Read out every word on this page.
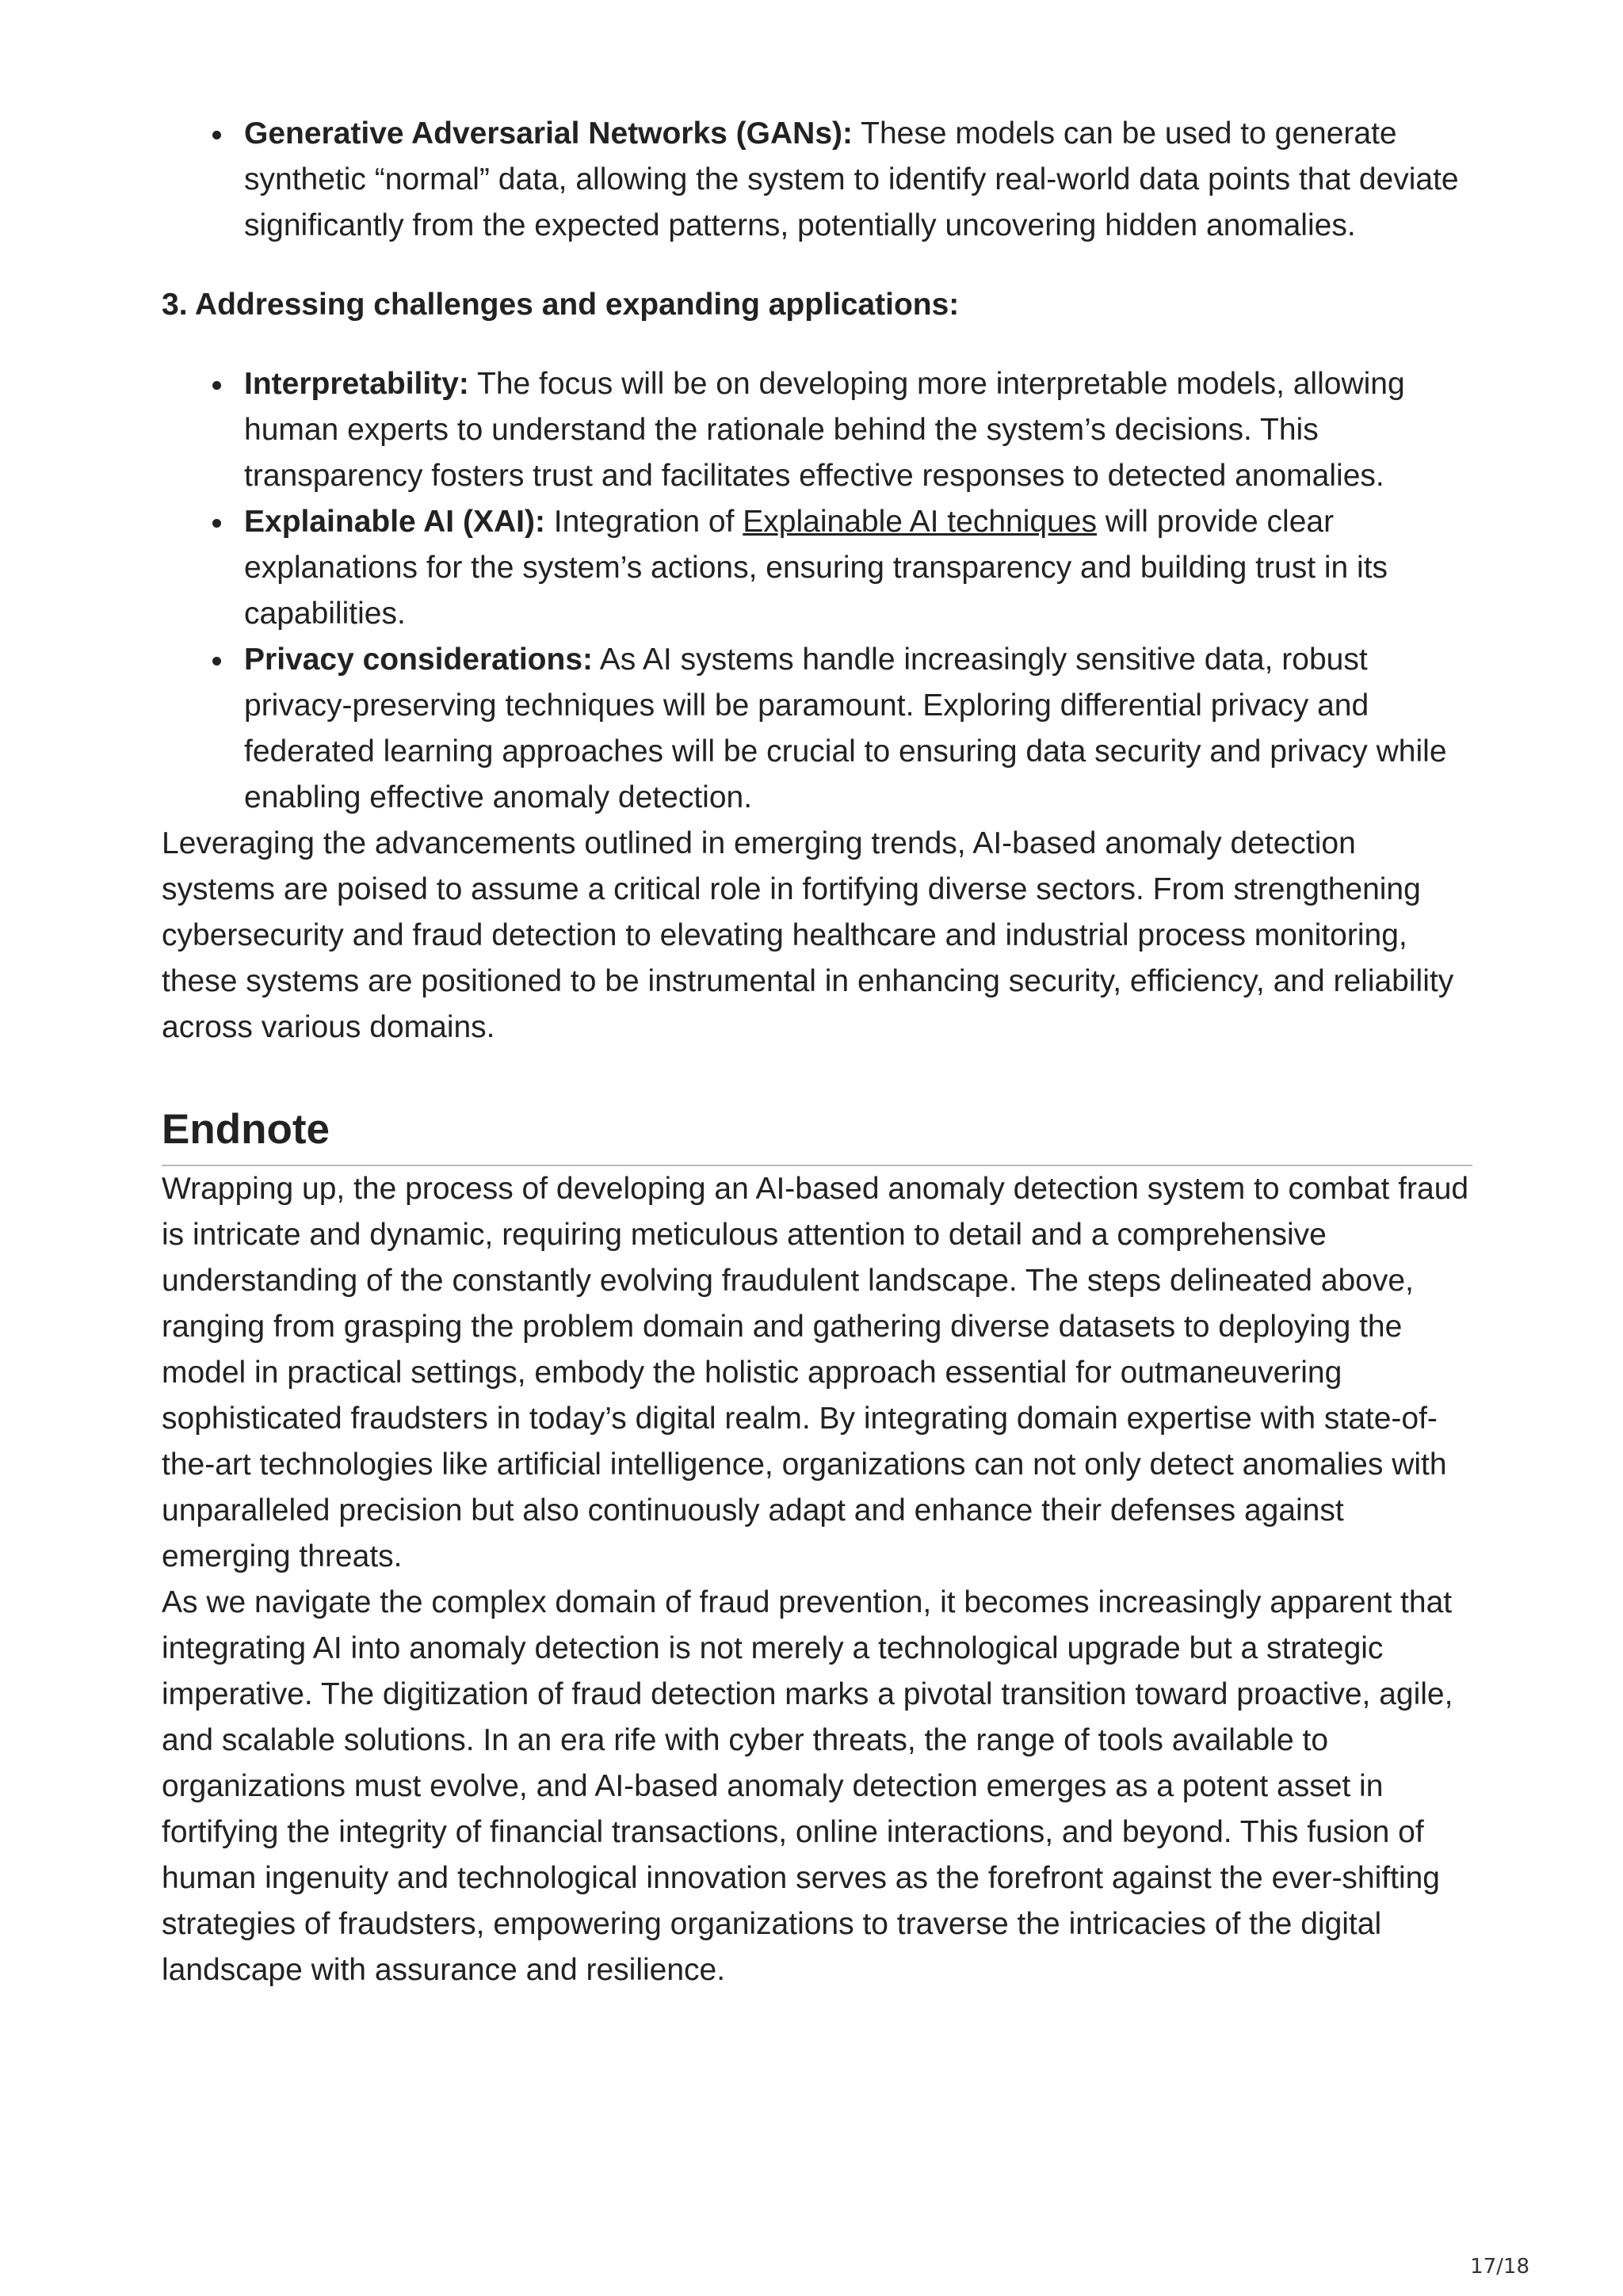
Generative Adversarial Networks (GANs): These models can be used to generate synthetic “normal” data, allowing the system to identify real-world data points that deviate significantly from the expected patterns, potentially uncovering hidden anomalies.
3. Addressing challenges and expanding applications:
Interpretability: The focus will be on developing more interpretable models, allowing human experts to understand the rationale behind the system’s decisions. This transparency fosters trust and facilitates effective responses to detected anomalies.
Explainable AI (XAI): Integration of Explainable AI techniques will provide clear explanations for the system’s actions, ensuring transparency and building trust in its capabilities.
Privacy considerations: As AI systems handle increasingly sensitive data, robust privacy-preserving techniques will be paramount. Exploring differential privacy and federated learning approaches will be crucial to ensuring data security and privacy while enabling effective anomaly detection.

Leveraging the advancements outlined in emerging trends, AI-based anomaly detection systems are poised to assume a critical role in fortifying diverse sectors. From strengthening cybersecurity and fraud detection to elevating healthcare and industrial process monitoring, these systems are positioned to be instrumental in enhancing security, efficiency, and reliability across various domains.

Endnote

Wrapping up, the process of developing an AI-based anomaly detection system to combat fraud is intricate and dynamic, requiring meticulous attention to detail and a comprehensive understanding of the constantly evolving fraudulent landscape. The steps delineated above, ranging from grasping the problem domain and gathering diverse datasets to deploying the model in practical settings, embody the holistic approach essential for outmaneuvering sophisticated fraudsters in today’s digital realm. By integrating domain expertise with state-of-the-art technologies like artificial intelligence, organizations can not only detect anomalies with unparalleled precision but also continuously adapt and enhance their defenses against emerging threats.

As we navigate the complex domain of fraud prevention, it becomes increasingly apparent that integrating AI into anomaly detection is not merely a technological upgrade but a strategic imperative. The digitization of fraud detection marks a pivotal transition toward proactive, agile, and scalable solutions. In an era rife with cyber threats, the range of tools available to organizations must evolve, and AI-based anomaly detection emerges as a potent asset in fortifying the integrity of financial transactions, online interactions, and beyond. This fusion of human ingenuity and technological innovation serves as the forefront against the ever-shifting strategies of fraudsters, empowering organizations to traverse the intricacies of the digital landscape with assurance and resilience.

17/18
